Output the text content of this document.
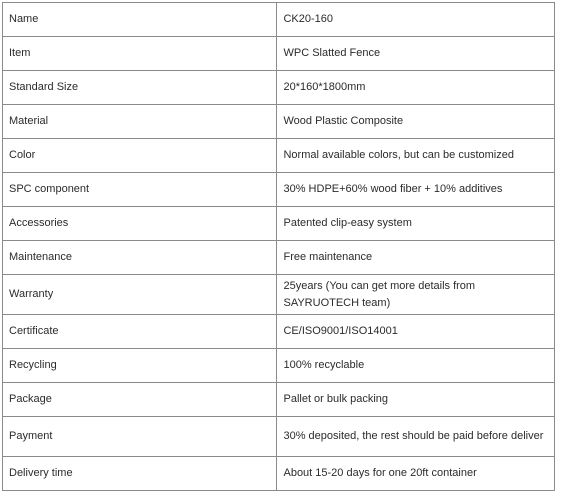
Name	CK20-160
Item	WPC Slatted Fence
Standard Size	20*160*1800mm
Material	Wood Plastic Composite
Color	Normal available colors, but can be customized
SPC component	30% HDPE+60% wood fiber + 10% additives
Accessories	Patented clip-easy system
Maintenance	Free maintenance
Warranty	25years (You can get more details from SAYRUOTECH team)
Certificate	CE/ISO9001/ISO14001
Recycling	100% recyclable
Package	Pallet or bulk packing
Payment	30% deposited, the rest should be paid before deliver
Delivery time	About 15-20 days for one 20ft container
